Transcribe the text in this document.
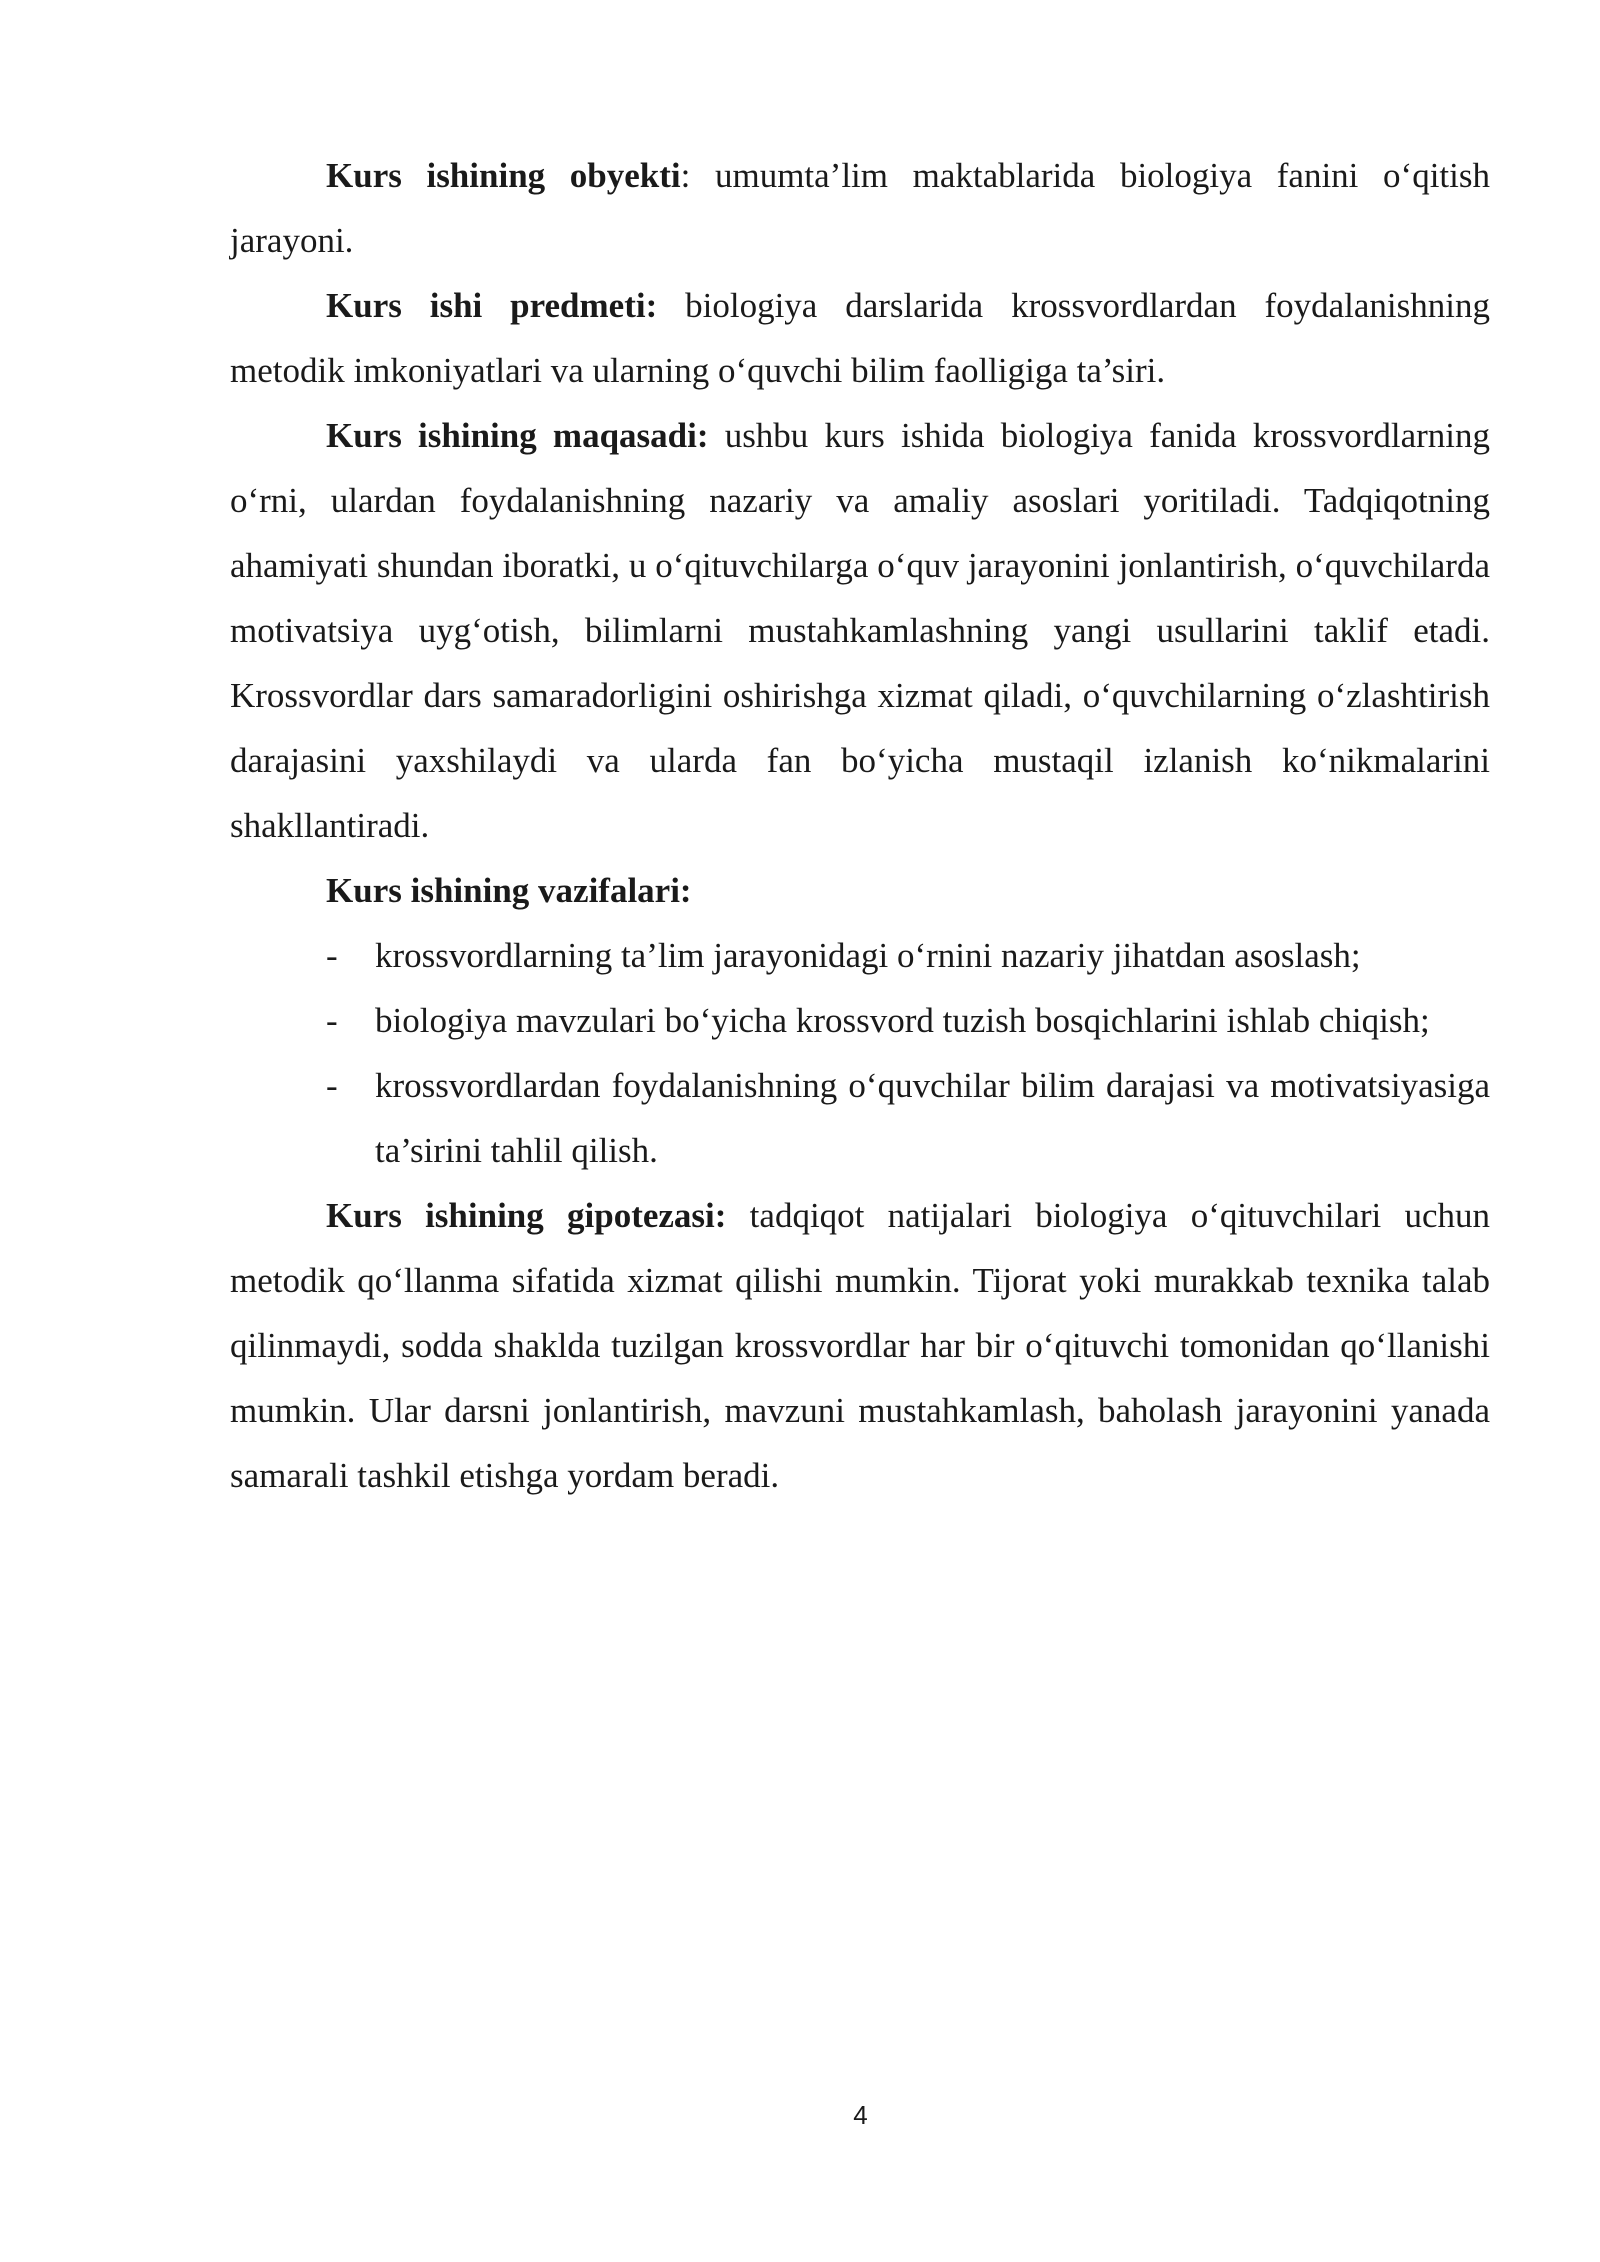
Kurs ishining obyekti: umumta’lim maktablarida biologiya fanini o‘qitish jarayoni.

Kurs ishi predmeti: biologiya darslarida krossvordlardan foydalanishning metodik imkoniyatlari va ularning o‘quvchi bilim faolligiga ta’siri.

Kurs ishining maqasadi: ushbu kurs ishida biologiya fanida krossvordlarning o‘rni, ulardan foydalanishning nazariy va amaliy asoslari yoritiladi. Tadqiqotning ahamiyati shundan iboratki, u o‘qituvchilarga o‘quv jarayonini jonlantirish, o‘quvchilarda motivatsiya uyg‘otish, bilimlarni mustahkamlashning yangi usullarini taklif etadi. Krossvordlar dars samaradorligini oshirishga xizmat qiladi, o‘quvchilarning o‘zlashtirish darajasini yaxshilaydi va ularda fan bo‘yicha mustaqil izlanish ko‘nikmalarini shakllantiradi.

Kurs ishining vazifalari:

- krossvordlarning ta’lim jarayonidagi o‘rnini nazariy jihatdan asoslash;
- biologiya mavzulari bo‘yicha krossvord tuzish bosqichlarini ishlab chiqish;
- krossvordlardan foydalanishning o‘quvchilar bilim darajasi va motivatsiyasiga ta’sirini tahlil qilish.

Kurs ishining gipotezasi: tadqiqot natijalari biologiya o‘qituvchilari uchun metodik qo‘llanma sifatida xizmat qilishi mumkin. Tijorat yoki murakkab texnika talab qilinmaydi, sodda shaklda tuzilgan krossvordlar har bir o‘qituvchi tomonidan qo‘llanishi mumkin. Ular darsni jonlantirish, mavzuni mustahkamlash, baholash jarayonini yanada samarali tashkil etishga yordam beradi.

4
